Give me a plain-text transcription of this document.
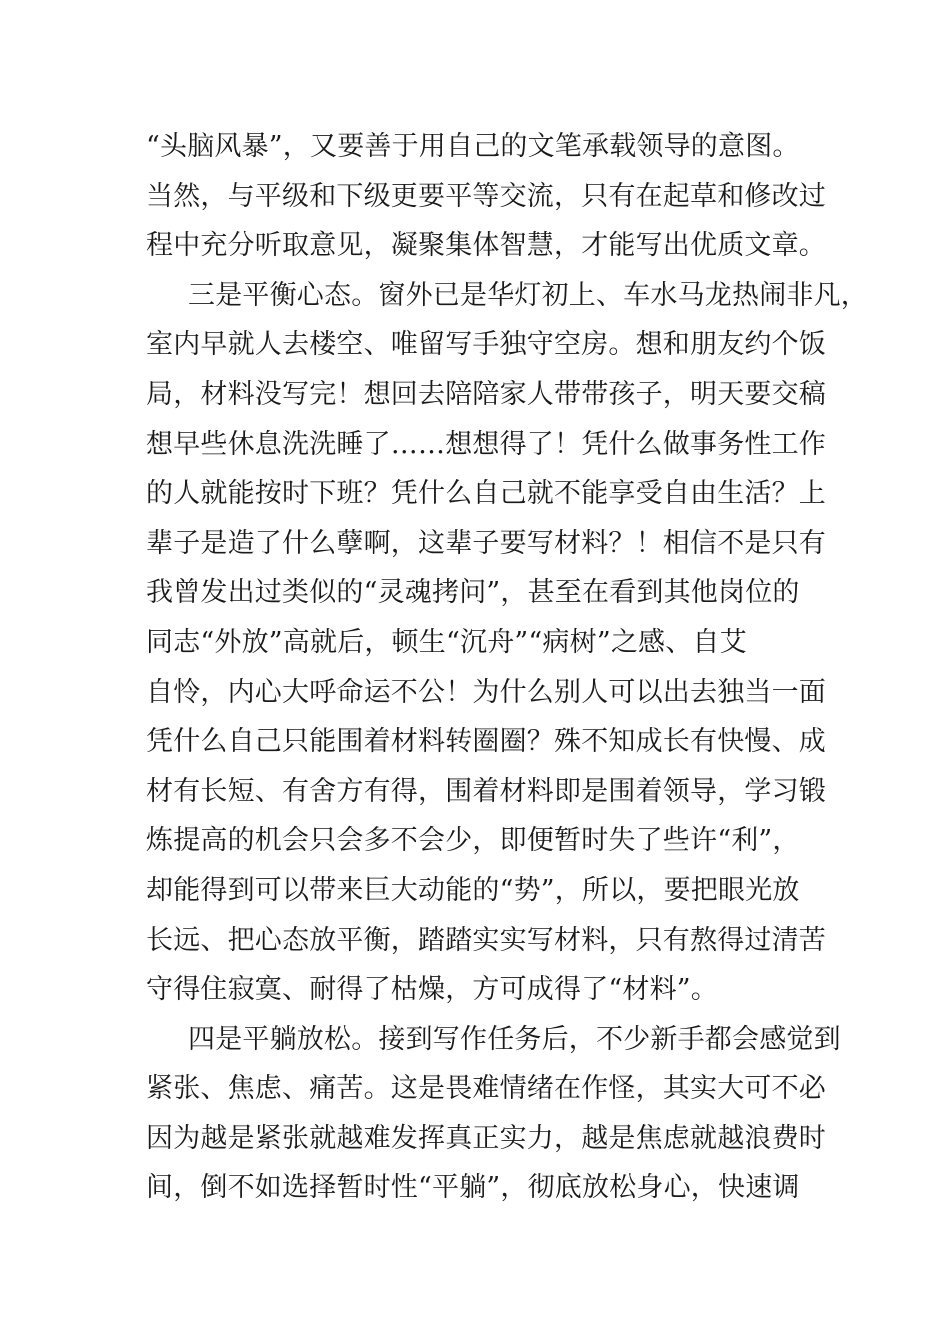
“头脑风暴”，又要善于用自己的文笔承载领导的意图。
当然，与平级和下级更要平等交流，只有在起草和修改过
程中充分听取意见，凝聚集体智慧，才能写出优质文章。
三是平衡心态。窗外已是华灯初上、车水马龙热闹非凡，
室内早就人去楼空、唯留写手独守空房。想和朋友约个饭
局，材料没写完！想回去陪陪家人带带孩子，明天要交稿
想早些休息洗洗睡了……想想得了！凭什么做事务性工作
的人就能按时下班？凭什么自己就不能享受自由生活？上
辈子是造了什么孽啊，这辈子要写材料？！相信不是只有
我曾发出过类似的“灵魂拷问”，甚至在看到其他岗位的
同志“外放”高就后，顿生“沉舟”“病树”之感、自艾
自怜，内心大呼命运不公！为什么别人可以出去独当一面
凭什么自己只能围着材料转圈圈？殊不知成长有快慢、成
材有长短、有舍方有得，围着材料即是围着领导，学习锻
炼提高的机会只会多不会少，即便暂时失了些许“利”，
却能得到可以带来巨大动能的“势”，所以，要把眼光放
长远、把心态放平衡，踏踏实实写材料，只有熬得过清苦
守得住寂寞、耐得了枯燥，方可成得了“材料”。
四是平躺放松。接到写作任务后，不少新手都会感觉到
紧张、焦虑、痛苦。这是畏难情绪在作怪，其实大可不必
因为越是紧张就越难发挥真正实力，越是焦虑就越浪费时
间，倒不如选择暂时性“平躺”，彻底放松身心，快速调
